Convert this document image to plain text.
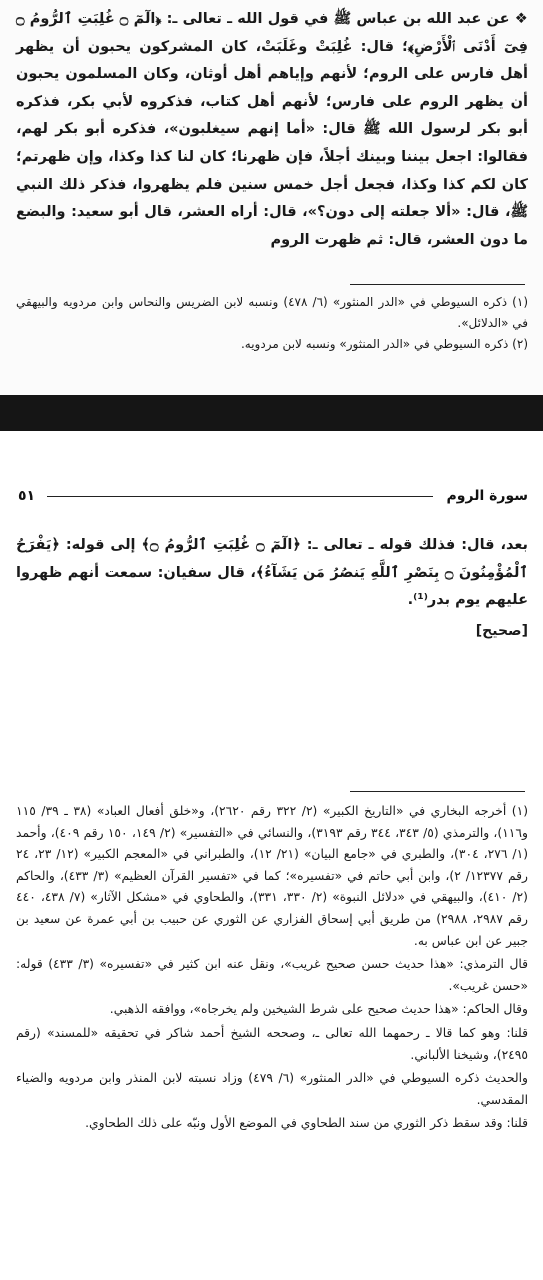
❖ عن عبد الله بن عباس ﷺ في قول الله ـ تعالى ـ: ﴿الٓمٓ ۝ غُلِبَتِ ٱلرُّومُ ۝ فِىٓ أَدْنَى ٱلْأَرْضِ﴾؛ قال: غُلِبَتْ وغَلَبَتْ، كان المشركون يحبون أن يظهر أهل فارس على الروم؛ لأنهم وإياهم أهل أوثان، وكان المسلمون يحبون أن يظهر الروم على فارس؛ لأنهم أهل كتاب، فذكروه لأبي بكر، فذكره أبو بكر لرسول الله ﷺ قال: «أما إنهم سيغلبون»، فذكره أبو بكر لهم، فقالوا: اجعل بيننا وبينك أجلاً، فإن ظهرنا؛ كان لنا كذا وكذا، وإن ظهرتم؛ كان لكم كذا وكذا، فجعل أجل خمس سنين فلم يظهروا، فذكر ذلك النبي ﷺ، قال: «ألا جعلته إلى دون؟»، قال: أراه العشر، قال أبو سعيد: والبضع ما دون العشر، قال: ثم ظهرت الروم

(١) ذكره السيوطي في «الدر المنثور» (٦/ ٤٧٨) ونسبه لابن الضريس والنحاس وابن مردويه والبيهقي في «الدلائل».

(٢) ذكره السيوطي في «الدر المنثور» ونسبه لابن مردويه.

سورة الروم
٥١
بعد، قال: فذلك قوله ـ تعالى ـ: ﴿الٓمٓ ۝ غُلِبَتِ ٱلرُّومُ ۝﴾ إلى قوله: ﴿يَفْرَحُ ٱلْمُؤْمِنُونَ ۝ بِنَصْرِ ٱللَّهِ يَنصُرُ مَن يَشَآءُ﴾، قال سفيان: سمعت أنهم ظهروا عليهم يوم بدر⁽¹⁾.
[صحيح]

(١) أخرجه البخاري في «التاريخ الكبير» (٢/ ٣٢٢ رقم ٢٦٢٠)، و«خلق أفعال العباد» (٣٨ ـ ٣٩/ ١١٥ و١١٦)، والترمذي (٥/ ٣٤٣، ٣٤٤ رقم ٣١٩٣)، والنسائي في «التفسير» (٢/ ١٤٩، ١٥٠ رقم ٤٠٩)، وأحمد (١/ ٢٧٦، ٣٠٤)، والطبري في «جامع البيان» (٢١/ ١٢)، والطبراني في «المعجم الكبير» (١٢/ ٢٣، ٢٤ رقم ١٢٣٧٧/ ٢)، وابن أبي حاتم في «تفسيره»؛ كما في «تفسير القرآن العظيم» (٣/ ٤٣٣)، والحاكم (٢/ ٤١٠)، والبيهقي في «دلائل النبوة» (٢/ ٣٣٠، ٣٣١)، والطحاوي في «مشكل الآثار» (٧/ ٤٣٨، ٤٤٠ رقم ٢٩٨٧، ٢٩٨٨) من طريق أبي إسحاق الفزاري عن الثوري عن حبيب بن أبي عمرة عن سعيد بن جبير عن ابن عباس به.

قال الترمذي: «هذا حديث حسن صحيح غريب»، ونقل عنه ابن كثير في «تفسيره» (٣/ ٤٣٣) قوله: «حسن غريب».

وقال الحاكم: «هذا حديث صحيح على شرط الشيخين ولم يخرجاه»، ووافقه الذهبي.

قلنا: وهو كما قالا ـ رحمهما الله تعالى ـ، وصححه الشيخ أحمد شاكر في تحقيقه «للمسند» (رقم ٢٤٩٥)، وشيخنا الألباني.

والحديث ذكره السيوطي في «الدر المنثور» (٦/ ٤٧٩) وزاد نسبته لابن المنذر وابن مردويه والضياء المقدسي.

قلنا: وقد سقط ذكر الثوري من سند الطحاوي في الموضع الأول ونبّه على ذلك الطحاوي.
